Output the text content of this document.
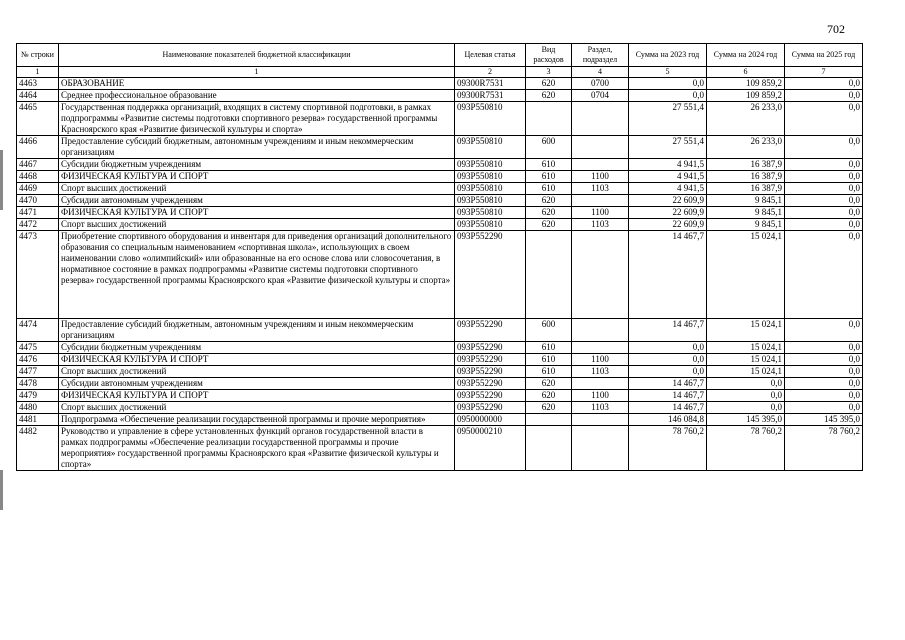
702
№ строки	Наименование показателей бюджетной классификации	Целевая статья	Вид расходов	Раздел, подраздел	Сумма на 2023 год	Сумма на 2024 год	Сумма на 2025 год
1	1	2	3	4	5	6	7
4463	ОБРАЗОВАНИЕ	09300R7531	620	0700	0,0	109 859,2	0,0
4464	Среднее профессиональное образование	09300R7531	620	0704	0,0	109 859,2	0,0
4465	Государственная поддержка организаций, входящих в систему спортивной подготовки, в рамках подпрограммы «Развитие системы подготовки спортивного резерва» государственной программы Красноярского края «Развитие физической культуры и спорта»	093P550810			27 551,4	26 233,0	0,0
4466	Предоставление субсидий бюджетным, автономным учреждениям и иным некоммерческим организациям	093P550810	600		27 551,4	26 233,0	0,0
4467	Субсидии бюджетным учреждениям	093P550810	610		4 941,5	16 387,9	0,0
4468	ФИЗИЧЕСКАЯ КУЛЬТУРА И СПОРТ	093P550810	610	1100	4 941,5	16 387,9	0,0
4469	Спорт высших достижений	093P550810	610	1103	4 941,5	16 387,9	0,0
4470	Субсидии автономным учреждениям	093P550810	620		22 609,9	9 845,1	0,0
4471	ФИЗИЧЕСКАЯ КУЛЬТУРА И СПОРТ	093P550810	620	1100	22 609,9	9 845,1	0,0
4472	Спорт высших достижений	093P550810	620	1103	22 609,9	9 845,1	0,0
4473	Приобретение спортивного оборудования и инвентаря для приведения организаций дополнительного образования со специальным наименованием «спортивная школа», использующих в своем наименовании слово «олимпийский» или образованные на его основе слова или словосочетания, в нормативное состояние в рамках подпрограммы «Развитие системы подготовки спортивного резерва» государственной программы Красноярского края «Развитие физической культуры и спорта»	093P552290			14 467,7	15 024,1	0,0
4474	Предоставление субсидий бюджетным, автономным учреждениям и иным некоммерческим организациям	093P552290	600		14 467,7	15 024,1	0,0
4475	Субсидии бюджетным учреждениям	093P552290	610		0,0	15 024,1	0,0
4476	ФИЗИЧЕСКАЯ КУЛЬТУРА И СПОРТ	093P552290	610	1100	0,0	15 024,1	0,0
4477	Спорт высших достижений	093P552290	610	1103	0,0	15 024,1	0,0
4478	Субсидии автономным учреждениям	093P552290	620		14 467,7	0,0	0,0
4479	ФИЗИЧЕСКАЯ КУЛЬТУРА И СПОРТ	093P552290	620	1100	14 467,7	0,0	0,0
4480	Спорт высших достижений	093P552290	620	1103	14 467,7	0,0	0,0
4481	Подпрограмма «Обеспечение реализации государственной программы и прочие мероприятия»	0950000000			146 084,8	145 395,0	145 395,0
4482	Руководство и управление в сфере установленных функций органов государственной власти в рамках подпрограммы «Обеспечение реализации государственной программы и прочие мероприятия» государственной программы Красноярского края «Развитие физической культуры и спорта»	0950000210			78 760,2	78 760,2	78 760,2
